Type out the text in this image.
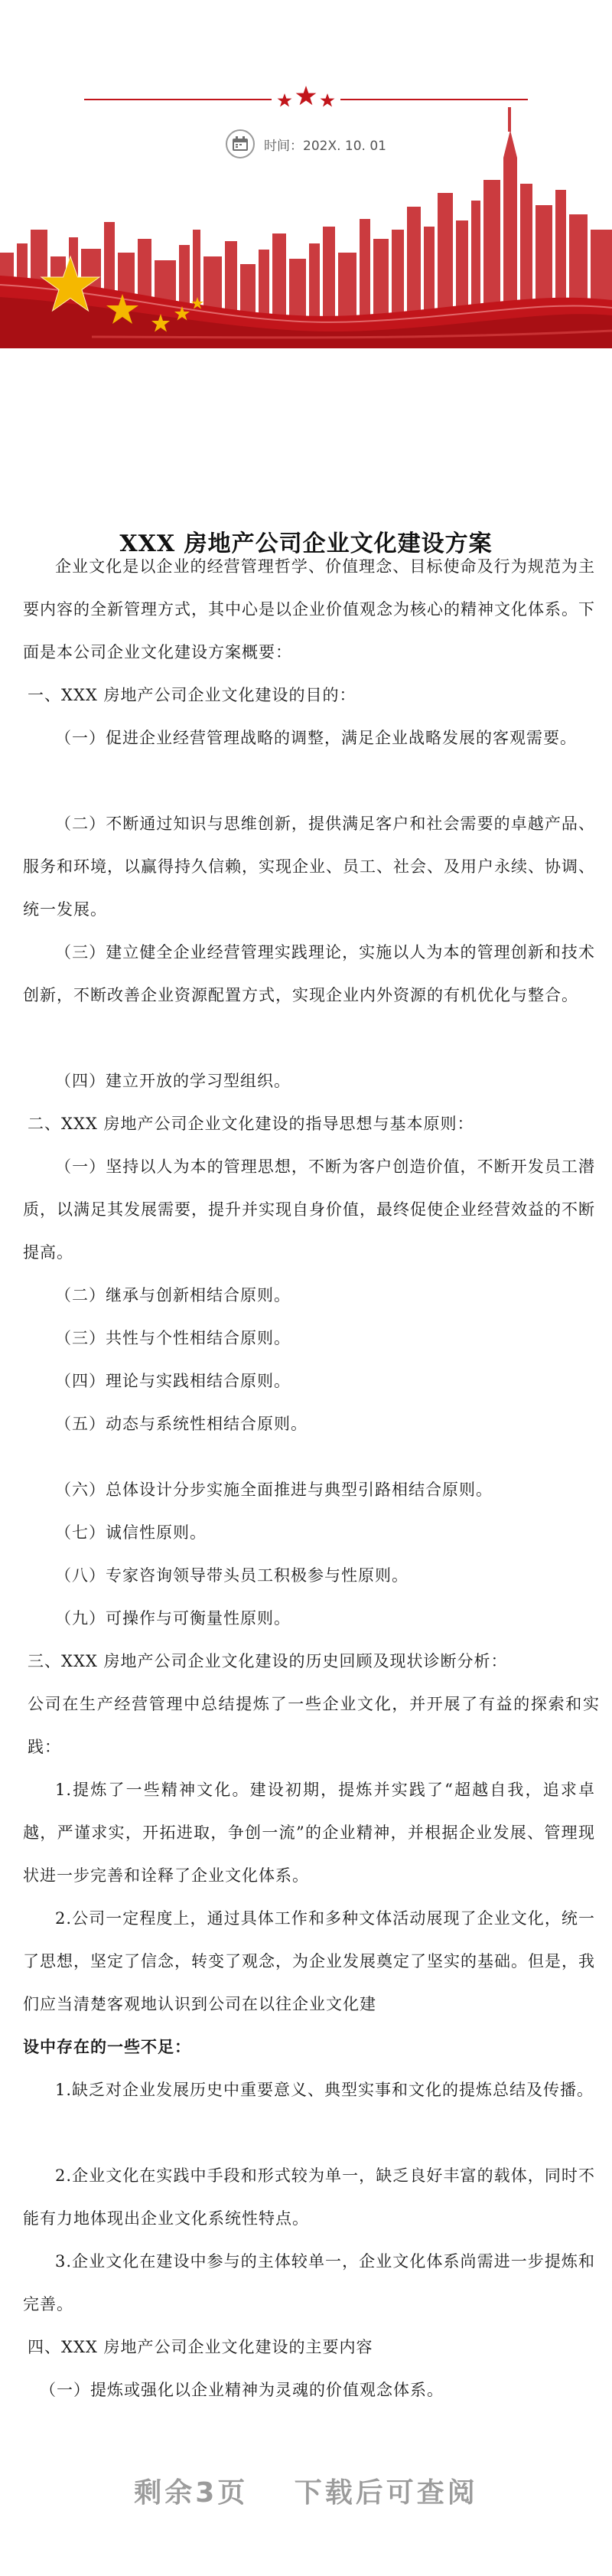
时间：202X. 10. 01
XXX 房地产公司企业文化建设方案

企业文化是以企业的经营管理哲学、价值理念、目标使命及行为规范为主要内容的全新管理方式，其中心是以企业价值观念为核心的精神文化体系。下面是本公司企业文化建设方案概要：

一、XXX 房地产公司企业文化建设的目的：

（一）促进企业经营管理战略的调整，满足企业战略发展的客观需要。

（二）不断通过知识与思维创新，提供满足客户和社会需要的卓越产品、服务和环境，以赢得持久信赖，实现企业、员工、社会、及用户永续、协调、统一发展。

（三）建立健全企业经营管理实践理论，实施以人为本的管理创新和技术创新，不断改善企业资源配置方式，实现企业内外资源的有机优化与整合。

（四）建立开放的学习型组织。

二、XXX 房地产公司企业文化建设的指导思想与基本原则：

（一）坚持以人为本的管理思想，不断为客户创造价值，不断开发员工潜质，以满足其发展需要，提升并实现自身价值，最终促使企业经营效益的不断提高。

（二）继承与创新相结合原则。

（三）共性与个性相结合原则。

（四）理论与实践相结合原则。

（五）动态与系统性相结合原则。

（六）总体设计分步实施全面推进与典型引路相结合原则。

（七）诚信性原则。

（八）专家咨询领导带头员工积极参与性原则。

（九）可操作与可衡量性原则。

三、XXX 房地产公司企业文化建设的历史回顾及现状诊断分析：

公司在生产经营管理中总结提炼了一些企业文化，并开展了有益的探索和实践：

1.提炼了一些精神文化。建设初期，提炼并实践了“超越自我，追求卓越，严谨求实，开拓进取，争创一流”的企业精神，并根据企业发展、管理现状进一步完善和诠释了企业文化体系。

2.公司一定程度上，通过具体工作和多种文体活动展现了企业文化，统一了思想，坚定了信念，转变了观念，为企业发展奠定了坚实的基础。但是，我们应当清楚客观地认识到公司在以往企业文化建

设中存在的一些不足：

1.缺乏对企业发展历史中重要意义、典型实事和文化的提炼总结及传播。

2.企业文化在实践中手段和形式较为单一，缺乏良好丰富的载体，同时不能有力地体现出企业文化系统性特点。

3.企业文化在建设中参与的主体较单一，企业文化体系尚需进一步提炼和完善。

四、XXX 房地产公司企业文化建设的主要内容

（一）提炼或强化以企业精神为灵魂的价值观念体系。

剩余3页 下载后可查阅
